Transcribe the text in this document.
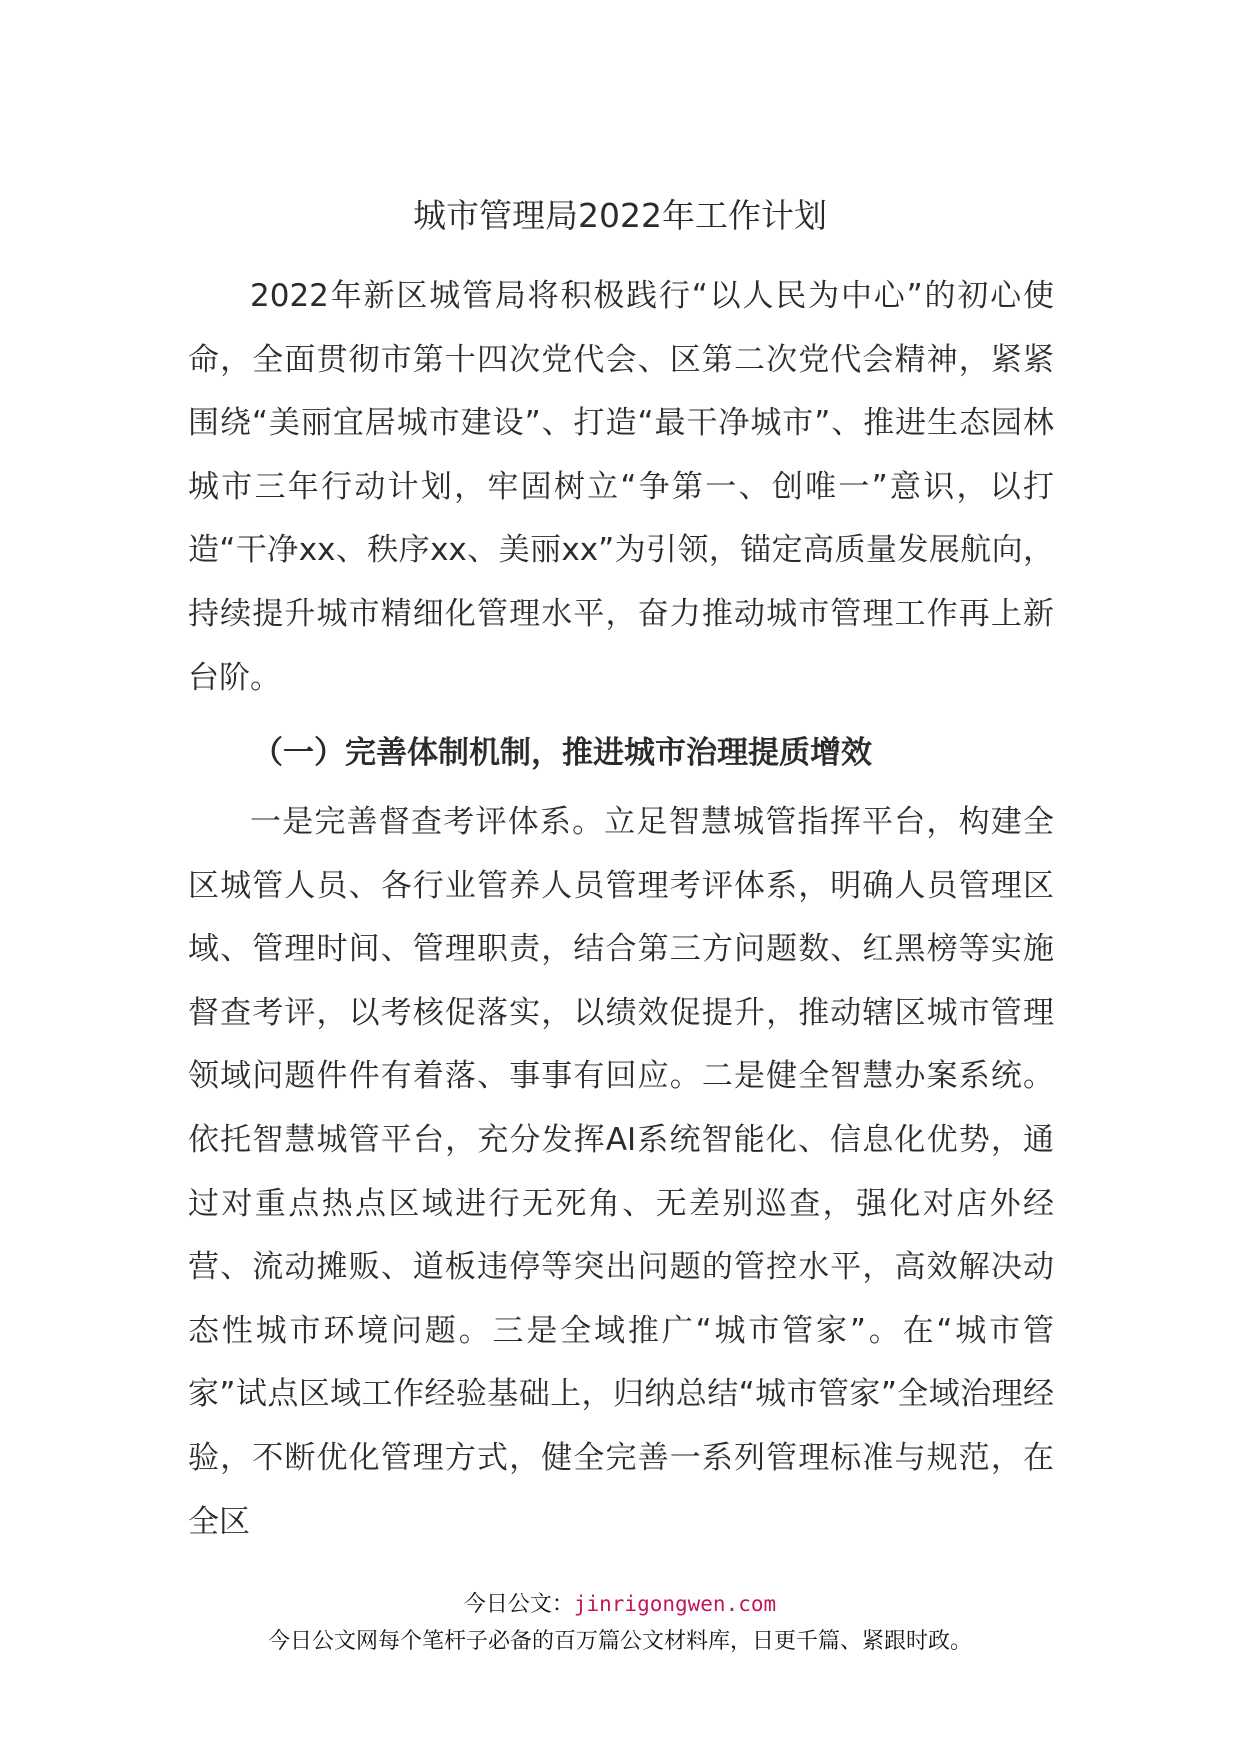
城市管理局2022年工作计划

2022年新区城管局将积极践行“以人民为中心”的初心使命，全面贯彻市第十四次党代会、区第二次党代会精神，紧紧围绕“美丽宜居城市建设”、打造“最干净城市”、推进生态园林城市三年行动计划，牢固树立“争第一、创唯一”意识，以打造“干净xx、秩序xx、美丽xx”为引领，锚定高质量发展航向，持续提升城市精细化管理水平，奋力推动城市管理工作再上新台阶。

（一）完善体制机制，推进城市治理提质增效

一是完善督查考评体系。立足智慧城管指挥平台，构建全区城管人员、各行业管养人员管理考评体系，明确人员管理区域、管理时间、管理职责，结合第三方问题数、红黑榜等实施督查考评，以考核促落实，以绩效促提升，推动辖区城市管理领域问题件件有着落、事事有回应。二是健全智慧办案系统。依托智慧城管平台，充分发挥AI系统智能化、信息化优势，通过对重点热点区域进行无死角、无差别巡查，强化对店外经营、流动摊贩、道板违停等突出问题的管控水平，高效解决动态性城市环境问题。三是全域推广“城市管家”。在“城市管家”试点区域工作经验基础上，归纳总结“城市管家”全域治理经验，不断优化管理方式，健全完善一系列管理标准与规范，在全区

今日公文：jinrigongwen.com
今日公文网每个笔杆子必备的百万篇公文材料库，日更千篇、紧跟时政。
